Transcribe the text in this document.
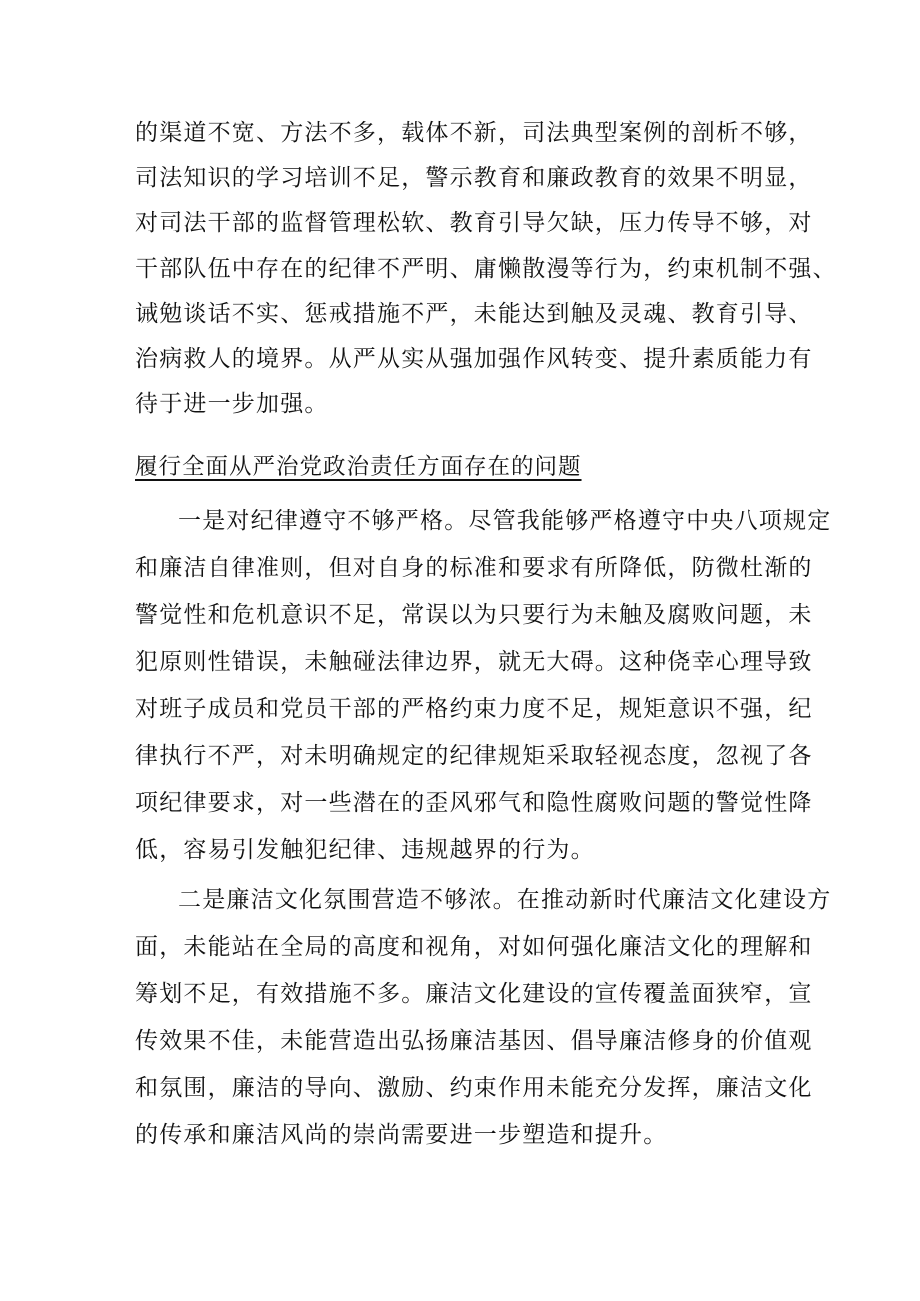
的渠道不宽、方法不多，载体不新，司法典型案例的剖析不够，
司法知识的学习培训不足，警示教育和廉政教育的效果不明显，
对司法干部的监督管理松软、教育引导欠缺，压力传导不够，对
干部队伍中存在的纪律不严明、庸懒散漫等行为，约束机制不强、
诫勉谈话不实、惩戒措施不严，未能达到触及灵魂、教育引导、
治病救人的境界。从严从实从强加强作风转变、提升素质能力有
待于进一步加强。
履行全面从严治党政治责任方面存在的问题
一是对纪律遵守不够严格。尽管我能够严格遵守中央八项规定
和廉洁自律准则，但对自身的标准和要求有所降低，防微杜渐的
警觉性和危机意识不足，常误以为只要行为未触及腐败问题，未
犯原则性错误，未触碰法律边界，就无大碍。这种侥幸心理导致
对班子成员和党员干部的严格约束力度不足，规矩意识不强，纪
律执行不严，对未明确规定的纪律规矩采取轻视态度，忽视了各
项纪律要求，对一些潜在的歪风邪气和隐性腐败问题的警觉性降
低，容易引发触犯纪律、违规越界的行为。
二是廉洁文化氛围营造不够浓。在推动新时代廉洁文化建设方
面，未能站在全局的高度和视角，对如何强化廉洁文化的理解和
筹划不足，有效措施不多。廉洁文化建设的宣传覆盖面狭窄，宣
传效果不佳，未能营造出弘扬廉洁基因、倡导廉洁修身的价值观
和氛围，廉洁的导向、激励、约束作用未能充分发挥，廉洁文化
的传承和廉洁风尚的崇尚需要进一步塑造和提升。
